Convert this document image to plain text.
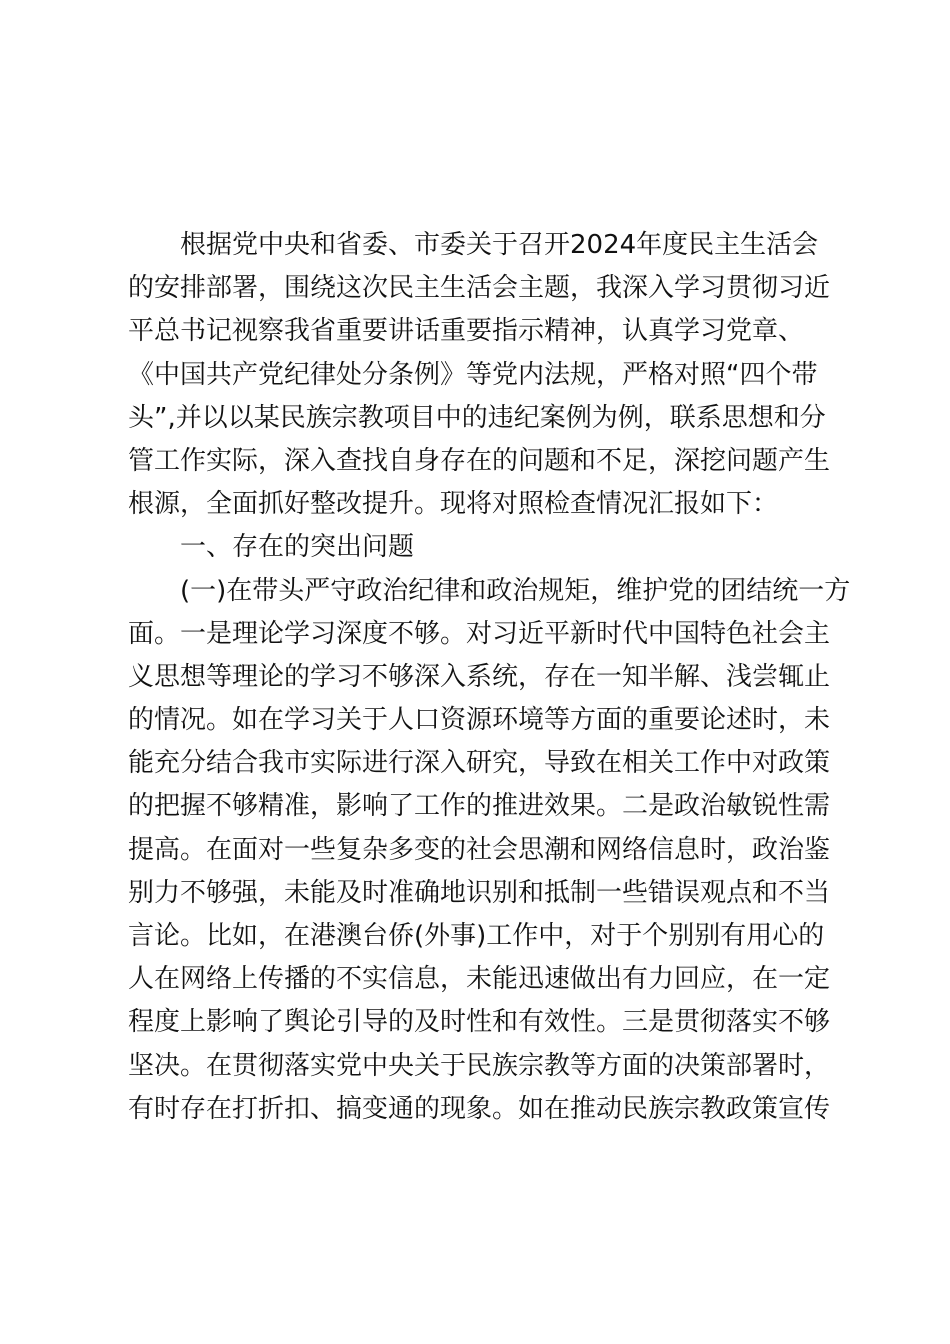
根据党中央和省委、市委关于召开2024年度民主生活会
的安排部署，围绕这次民主生活会主题，我深入学习贯彻习近
平总书记视察我省重要讲话重要指示精神，认真学习党章、
《中国共产党纪律处分条例》等党内法规，严格对照“四个带
头”,并以以某民族宗教项目中的违纪案例为例，联系思想和分
管工作实际，深入查找自身存在的问题和不足，深挖问题产生
根源，全面抓好整改提升。现将对照检查情况汇报如下：
一、存在的突出问题
(一)在带头严守政治纪律和政治规矩，维护党的团结统一方
面。一是理论学习深度不够。对习近平新时代中国特色社会主
义思想等理论的学习不够深入系统，存在一知半解、浅尝辄止
的情况。如在学习关于人口资源环境等方面的重要论述时，未
能充分结合我市实际进行深入研究，导致在相关工作中对政策
的把握不够精准，影响了工作的推进效果。二是政治敏锐性需
提高。在面对一些复杂多变的社会思潮和网络信息时，政治鉴
别力不够强，未能及时准确地识别和抵制一些错误观点和不当
言论。比如，在港澳台侨(外事)工作中，对于个别别有用心的
人在网络上传播的不实信息，未能迅速做出有力回应，在一定
程度上影响了舆论引导的及时性和有效性。三是贯彻落实不够
坚决。在贯彻落实党中央关于民族宗教等方面的决策部署时，
有时存在打折扣、搞变通的现象。如在推动民族宗教政策宣传
